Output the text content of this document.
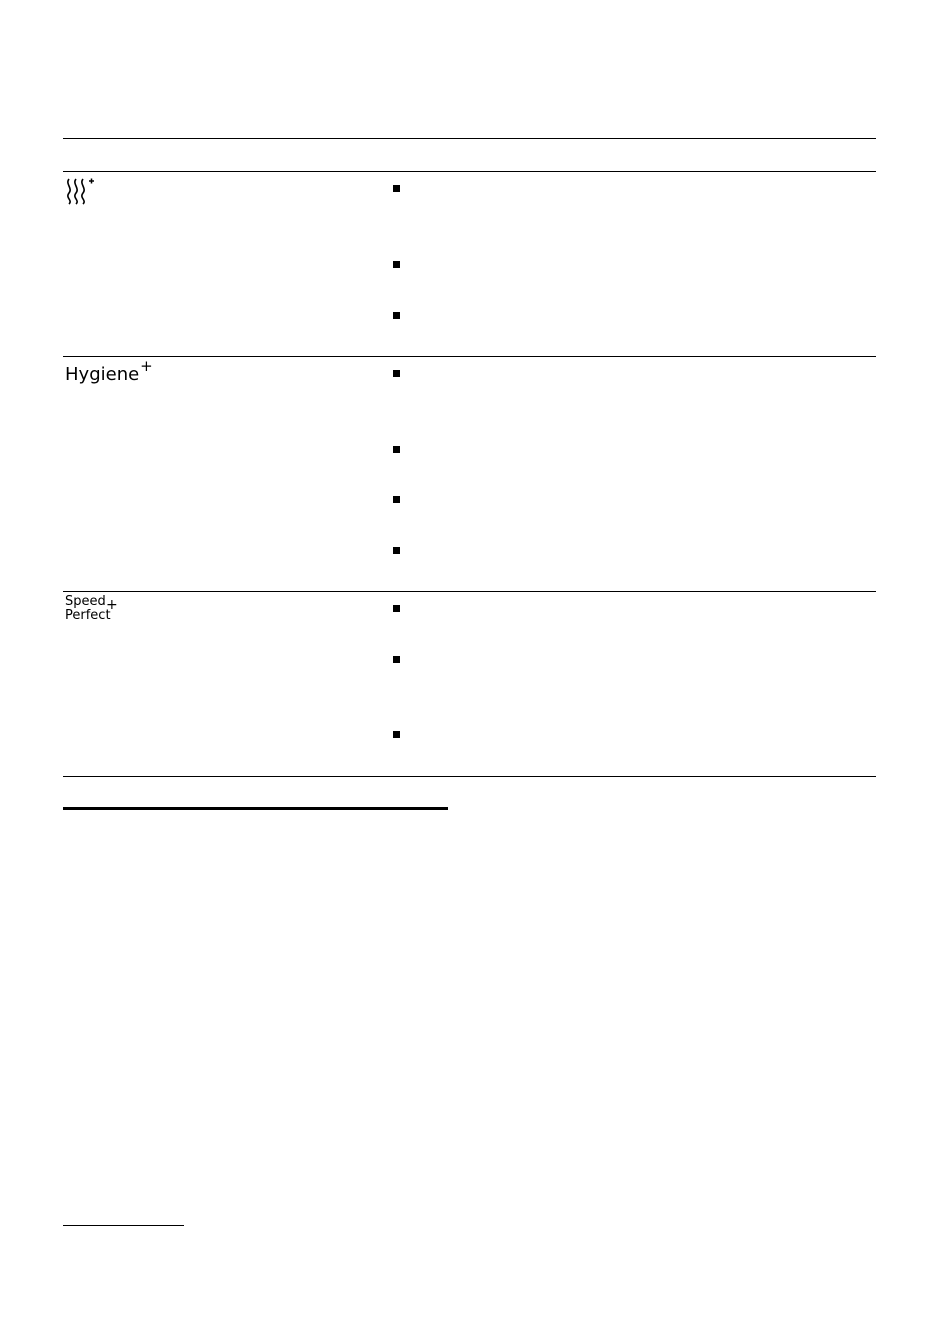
Hygiene+
Speed
Perfect
+
